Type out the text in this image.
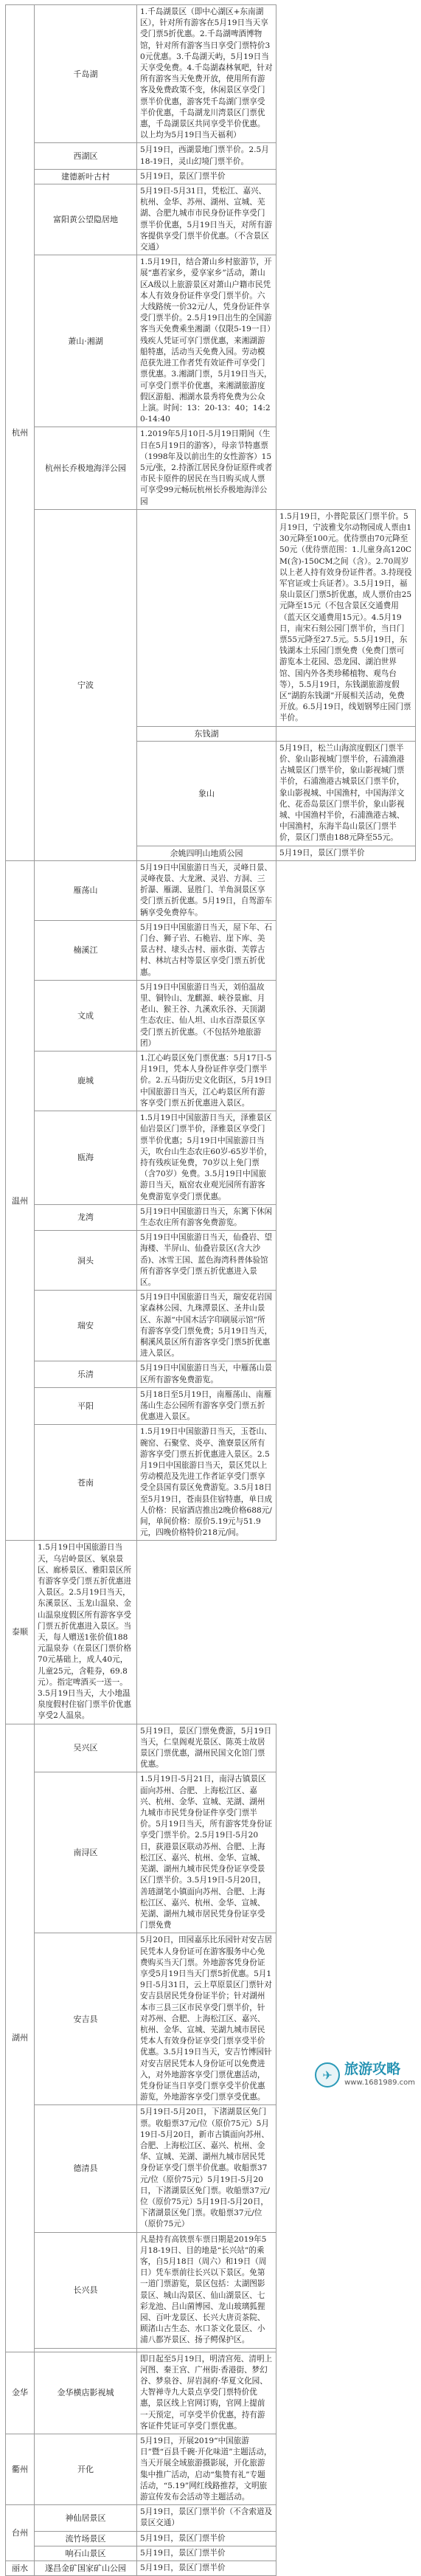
杭州	千岛湖	1.千岛湖景区（即中心湖区+东南湖区），针对所有游客在5月19日当天享受门票5折优惠。2.千岛湖啤酒博物馆，针对所有游客当日享受门票特价30元优惠。3.千岛湖天屿，5月19日当天享受免费。4.千岛湖森林氧吧，针对所有游客当天免费开放，使用所有游客及免费政策不变，休闲景区享受门票半价优惠，游客凭千岛湖门票享受半价优惠，千岛湖龙川湾景区门票优惠，千岛湖景区共同享受半价优惠。以上均为5月19日当天福利）	
	西湖区	5月19日，西湖景地门票半价。2.5月18-19日，灵山幻境门票半价。	
	建德新叶古村	5月19日，景区门票半价	
	富阳黄公望隐居地	5月19日-5月31日，凭松江、嘉兴、杭州、金华、苏州、湖州、宣城、芜湖、合肥九城市市民身份证件享受门票半价优惠，5月19日当天，对所有游客提供享受门票半价优惠。（不含景区交通）	
	萧山·湘湖	1.5月19日，结合萧山乡村旅游节，开展“惠若家乡，爱享家乡”活动，萧山区A级以上旅游景区对萧山户籍市民凭本人有效身份证件享受门票半价。六大线路统一价32元/人，凭身份证件享受门票半价。2.5月19日出生的全国游客当天免费乘坐湘湖（仅限5-19一日）残疾人凭证可享门票优惠，来湘湖游船特惠，活动当天免费入园。劳动模范获先进工作者凭有效证件可享受门票优惠。3.湘湖门票，5月19日当天，可享受门票半价优惠，来湘湖旅游度假区游船、湘湖水景秀将免费为公众上演。时间：13：20-13：40；14:20-14:40	
	杭州长乔极地海洋公园	1.2019年5月10日-5月19日期间（生日在5月19日的游客），母亲节特惠票（1998年及以前出生的女性游客）155元/张，2.持浙江居民身份证原件或者市民卡原件的居民在当日购买成人票可享受99元畅玩杭州长乔极地海洋公园	
	宁波		1.5月19日，小普陀景区门票半价。5月19日，宁波雅戈尔动物园成人票由130元降至100元。优待票由70元降至50元（优待票范围：1.儿童身高120CM(含)-150CM之间（含）。2.70周岁以上老人持有效身份证件者。3.持现役军官证或士兵证者）。3.5月19日，福泉山景区门票5折优惠，成人票价由25元降至15元（不包含景区交通费用（蓝天区交通费用15元）。4.5月19日，南宋石刻公园门票半价，当日门票55元降至27.5元。5.5月19日，东钱湖本土乐园门票免费（免费门票可游览本土花园、恐龙园、湖泊世界馆、国内外各类珍稀植物、观鸟台等），5.5月19日，东钱湖旅游度假区“湖韵东钱湖”开展相关活动，免费开放。6.5月19日，线划钢琴庄园门票半价。
		东钱湖	
		象山	5月19日，松兰山海滨度假区门票半价、象山影视城门票半价，石浦渔港古城景区门票半价，象山影视城门票半价，石浦渔港古城景区门票半价，象山影视城、中国渔村，中国海洋文化、花岙岛景区门票半价，象山影视城、中国渔村半价，石浦渔港古城、中国渔村，东海半岛山景区门票半价，景区门票由188元降至55元。
		余姚四明山地质公园	5月19日，景区门票半价
温州	雁荡山	5月19日中国旅游日当天，灵峰日景、灵峰夜景、大龙湫、灵岩、方洞、三折瀑、雁湖、显胜门、羊角洞景区享受门票五折优惠。5月19日，自驾游车辆享受免费停车。	
	楠溪江	5月19日中国旅游日当天，屋下年、石门台、狮子岩、石桅岩、崖下库、美景古村、埭头古村、丽水街、芙蓉古村、林坑古村等景区享受门票五折优惠。	
	文成	5月19日中国旅游日当天，刘伯温故里、铜铃山、龙麒源、峡谷景廊、月老山、猴王谷、九溪欢乐谷、天顶湖生态农庄、仙人坦、山水百漈景区享受门票五折优惠。（不包括外地旅游团）	
	鹿城	1.江心屿景区免门票优惠：5月17日-5月19日，凭本人身份证件享受门票半价。2.五马街历史文化街区，5月19日中国旅游日当天，江心屿景区所有游客享受门票五折优惠进入景区。	
	瓯海	1.5月19日中国旅游日当天，泽雅景区仙岩景区门票半价，泽雅景区享受门票半价优惠；5月19日中国旅游日当天，吹台山生态农庄60岁-65岁半价，持有残疾证免费，70岁以上免门票（含70岁）免费。3.5月19日中国旅游日当天，瓯窑农业观光园所有游客免费游览享受门票优惠。	
	龙湾	5月19日中国旅游日当天，东篱下休闲生态农庄所有游客免费游览。	
	洞头	5月19日中国旅游日当天，仙叠岩、望海楼、半屏山、仙叠岩景区(含大沙岙)、冰雪王国、蓝色海湾科普体验馆所有游客享受门票五折优惠进入景区。	
	瑞安	5月19日中国旅游日当天，瑞安花岩国家森林公园、九珠潭景区、圣井山景区、东源“中国木活字印刷展示馆”所有游客享受门票免费；5月19日当天，桐溪风景区所有游客享受门票5折优惠进入景区。	
	乐清	5月19日中国旅游日当天，中雁荡山景区所有游客免费游览。	
	平阳	5月18日至5月19日，南雁荡山、南雁荡山生态公园所有游客享受门票五折优惠进入景区。	
	苍南	1.5月19日中国旅游日当天，玉苍山、碗窑、石聚堂、炎亭、渔寮景区所有游客享受门票五折优惠进入景区。2.5月19日中国旅游日当天，景区凭以上劳动模范及先进工作者证享受门票享受全县国有景区免费游览。3.5月18日至5月19日，苍南县住宿特惠，单日成人价格：民宿酒店推出2晚价格688元/间，单间价格：原价5.19元与51.9元，四晚价格特价218元/间。	
泰顺	1.5月19日中国旅游日当天，乌岩岭景区、氡泉景区、廊桥景区、雅阳景区所有游客享受门票五折优惠进入景区。2.5月19日当天，东溪景区、玉龙山温泉、金山温泉度假区所有游客享受门票五折优惠进入景区。当天，每人赠送1张价值188元温泉券（在景区门票价格70元基础上，成人40元，儿童25元，含鞋券，69.8元）。指定啤酒买一送一。3.5月19日当天，大小地温泉度假村住宿门票半价优惠享受2人温泉。		
湖州	吴兴区	5月19日，景区门票免费游，5月19日当天，仁皇阁观光景区、陈英士故居景区门票优惠，湖州民国文化馆门票优惠。	
	南浔区	1.5月19日-5月21日，南浔古镇景区面向苏州、合肥、上海松江区、嘉兴、杭州、金华、宣城、芜湖、湖州九城市市民凭身份证件享受门票半价。5月19日当天，所有游客凭身份证享受门票半价。2.5月19日-5月20日，荻港景区联动苏州、合肥、上海松江区、嘉兴、杭州、金华、宣城、芜湖、湖州九城市民凭身份证享受景区门票半价。3.5月19日-5月20日，善琏湖笔小镇面向苏州、合肥、上海松江区、嘉兴、杭州、金华、宣城、芜湖、湖州九城市居民凭身份证享受门票免费	
	安吉县	5月20日，田园嘉乐比乐园针对安吉居民凭本人身份证可在游客服务中心免费购买当天门票。外地游客凭身份证享受5月19日当天门票5折优惠。5月19日-5月31日，云上草原景区门票针对安吉县居民凭身份证半价；针对湖州本市三县三区市民享受门票半价，针对苏州、合肥、上海松江区、嘉兴、杭州、金华、宣城、芜湖九城市居民凭本人有效身份证享受门票享受半价优惠。3.5月19日当天，安吉竹博园针对安吉居民凭本人身份证可以免费进入，对外地游客享受门票优惠活动，凭身份证当日享受门票享受半价优惠游览，外地游客享受门票享受优惠。	
	德清县	5月19日-5月20日，下渚湖景区免门票。收船票37元/位（原价75元）5月19日-5月20日，新市古镇面向苏州、合肥、上海松江区、嘉兴、杭州、金华、宣城、芜湖、湖州九城市居民凭身份证享受门票半价优惠。收船票37元/位（原价75元）5月19日-5月20日，下渚湖景区免门票。收船票37元/位（原价75元）5月19日-5月20日，下渚湖景区免门票。收船票37元/位（原价75元）	
	长兴县	凡是持有高铁票车票日期是2019年5月18-19日、目的地是“长兴站”的乘客，自5月18日（周六）和19日（周日）凭车票前往长兴以下景区。免第一道门票游览，景区包括：太湖图影景区、城山沟景区、仙山湖景区、七彩龙池、吕山菌博园、龙山玻璃狐狸园、百叶龙景区、长兴大唐贡茶院、顾渚山古生态、水口茶文化景区、小浦八都岕景区、扬子鳄保护区。	

金华	金华横店影视城	即日起至5月19日，明清宫苑、清明上河图、秦王宫、广州街·香港街、梦幻谷、梦泉谷、屏岩洞府·华夏文化园、大智禅寺九大景点享受门票特价优惠，景区线上官网订购，官网上提前一天预定，可享受半价优惠，持有游客证件凭证可享受门票优惠。	
衢州	开化	5月19日，开展2019“中国旅游日”暨“百县千碗·开化味道”主题活动，当天开展全域旅游摄影展，开化旅游集中推广活动，启动“集赞有礼”专题活动，“5.19”网红线路推荐，文明旅游宣传发布会活动等主题活动。	
台州	神仙居景区	5月19日，景区门票半价（不含索道及景区交通）	
	流竹场景区	5月19日，景区门票半价	
	响石山景区	5月19日，景区门票半价	
丽水	遂昌金矿国家矿山公园	5月19日，景区门票半价	
✈ 旅游攻略
www.1681989.com
